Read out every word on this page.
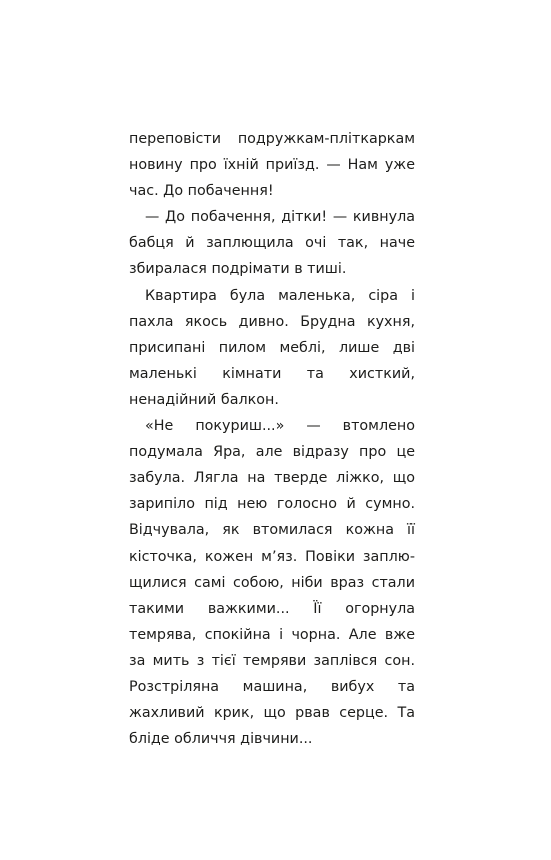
переповісти подружкам-пліткаркам новину про їхній приїзд. — Нам уже час. До побачення!

— До побачення, дітки! — кивнула бабця й заплющила очі так, наче збиралася подрімати в тиші.

Квартира була маленька, сіра і пахла якось дивно. Брудна кухня, присипані пилом меблі, лише дві маленькі кімнати та хисткий, ненадійний балкон.

«Не покуриш...» — втомлено подумала Яра, але відразу про це забула. Лягла на тверде ліжко, що зарипіло під нею голосно й сумно. Відчувала, як втомилася кожна її кісточка, кожен м’яз. Повіки заплющилися самі собою, ніби враз стали такими важкими... Її огорнула темрява, спокійна і чорна. Але вже за мить з тієї темряви заплівся сон. Розстріляна машина, вибух та жахливий крик, що рвав серце. Та бліде обличчя дівчини...
